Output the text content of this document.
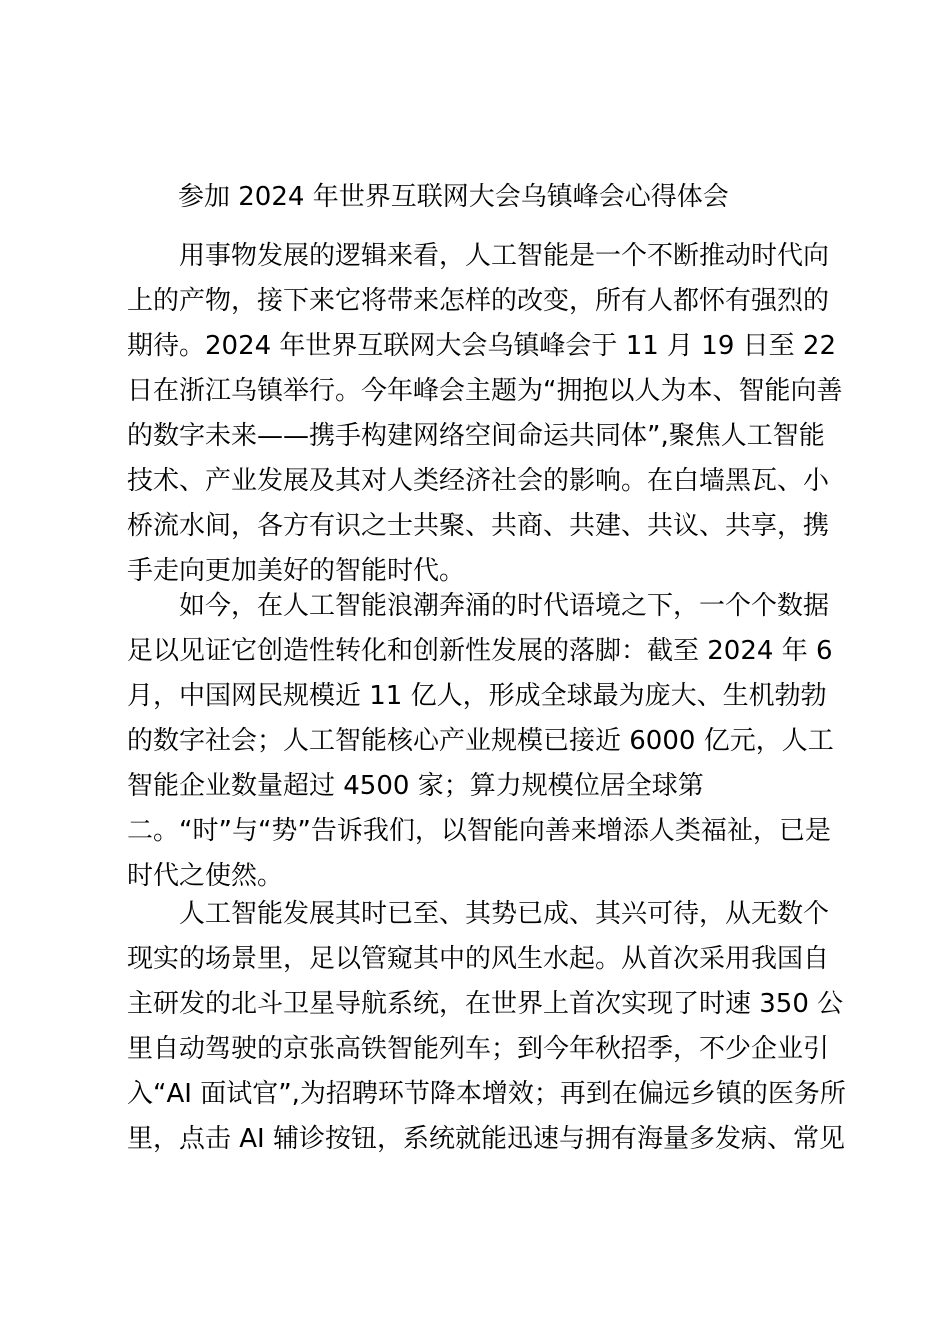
参加 2024 年世界互联网大会乌镇峰会心得体会
用事物发展的逻辑来看，人工智能是一个不断推动时代向
上的产物，接下来它将带来怎样的改变，所有人都怀有强烈的
期待。2024 年世界互联网大会乌镇峰会于 11 月 19 日至 22
日在浙江乌镇举行。今年峰会主题为“拥抱以人为本、智能向善
的数字未来——携手构建网络空间命运共同体”,聚焦人工智能
技术、产业发展及其对人类经济社会的影响。在白墙黑瓦、小
桥流水间，各方有识之士共聚、共商、共建、共议、共享，携
手走向更加美好的智能时代。
如今，在人工智能浪潮奔涌的时代语境之下，一个个数据
足以见证它创造性转化和创新性发展的落脚：截至 2024 年 6
月，中国网民规模近 11 亿人，形成全球最为庞大、生机勃勃
的数字社会；人工智能核心产业规模已接近 6000 亿元，人工
智能企业数量超过 4500 家；算力规模位居全球第
二。“时”与“势”告诉我们，以智能向善来增添人类福祉，已是
时代之使然。
人工智能发展其时已至、其势已成、其兴可待，从无数个
现实的场景里，足以管窥其中的风生水起。从首次采用我国自
主研发的北斗卫星导航系统，在世界上首次实现了时速 350 公
里自动驾驶的京张高铁智能列车；到今年秋招季，不少企业引
入“AI 面试官”,为招聘环节降本增效；再到在偏远乡镇的医务所
里，点击 AI 辅诊按钮，系统就能迅速与拥有海量多发病、常见
